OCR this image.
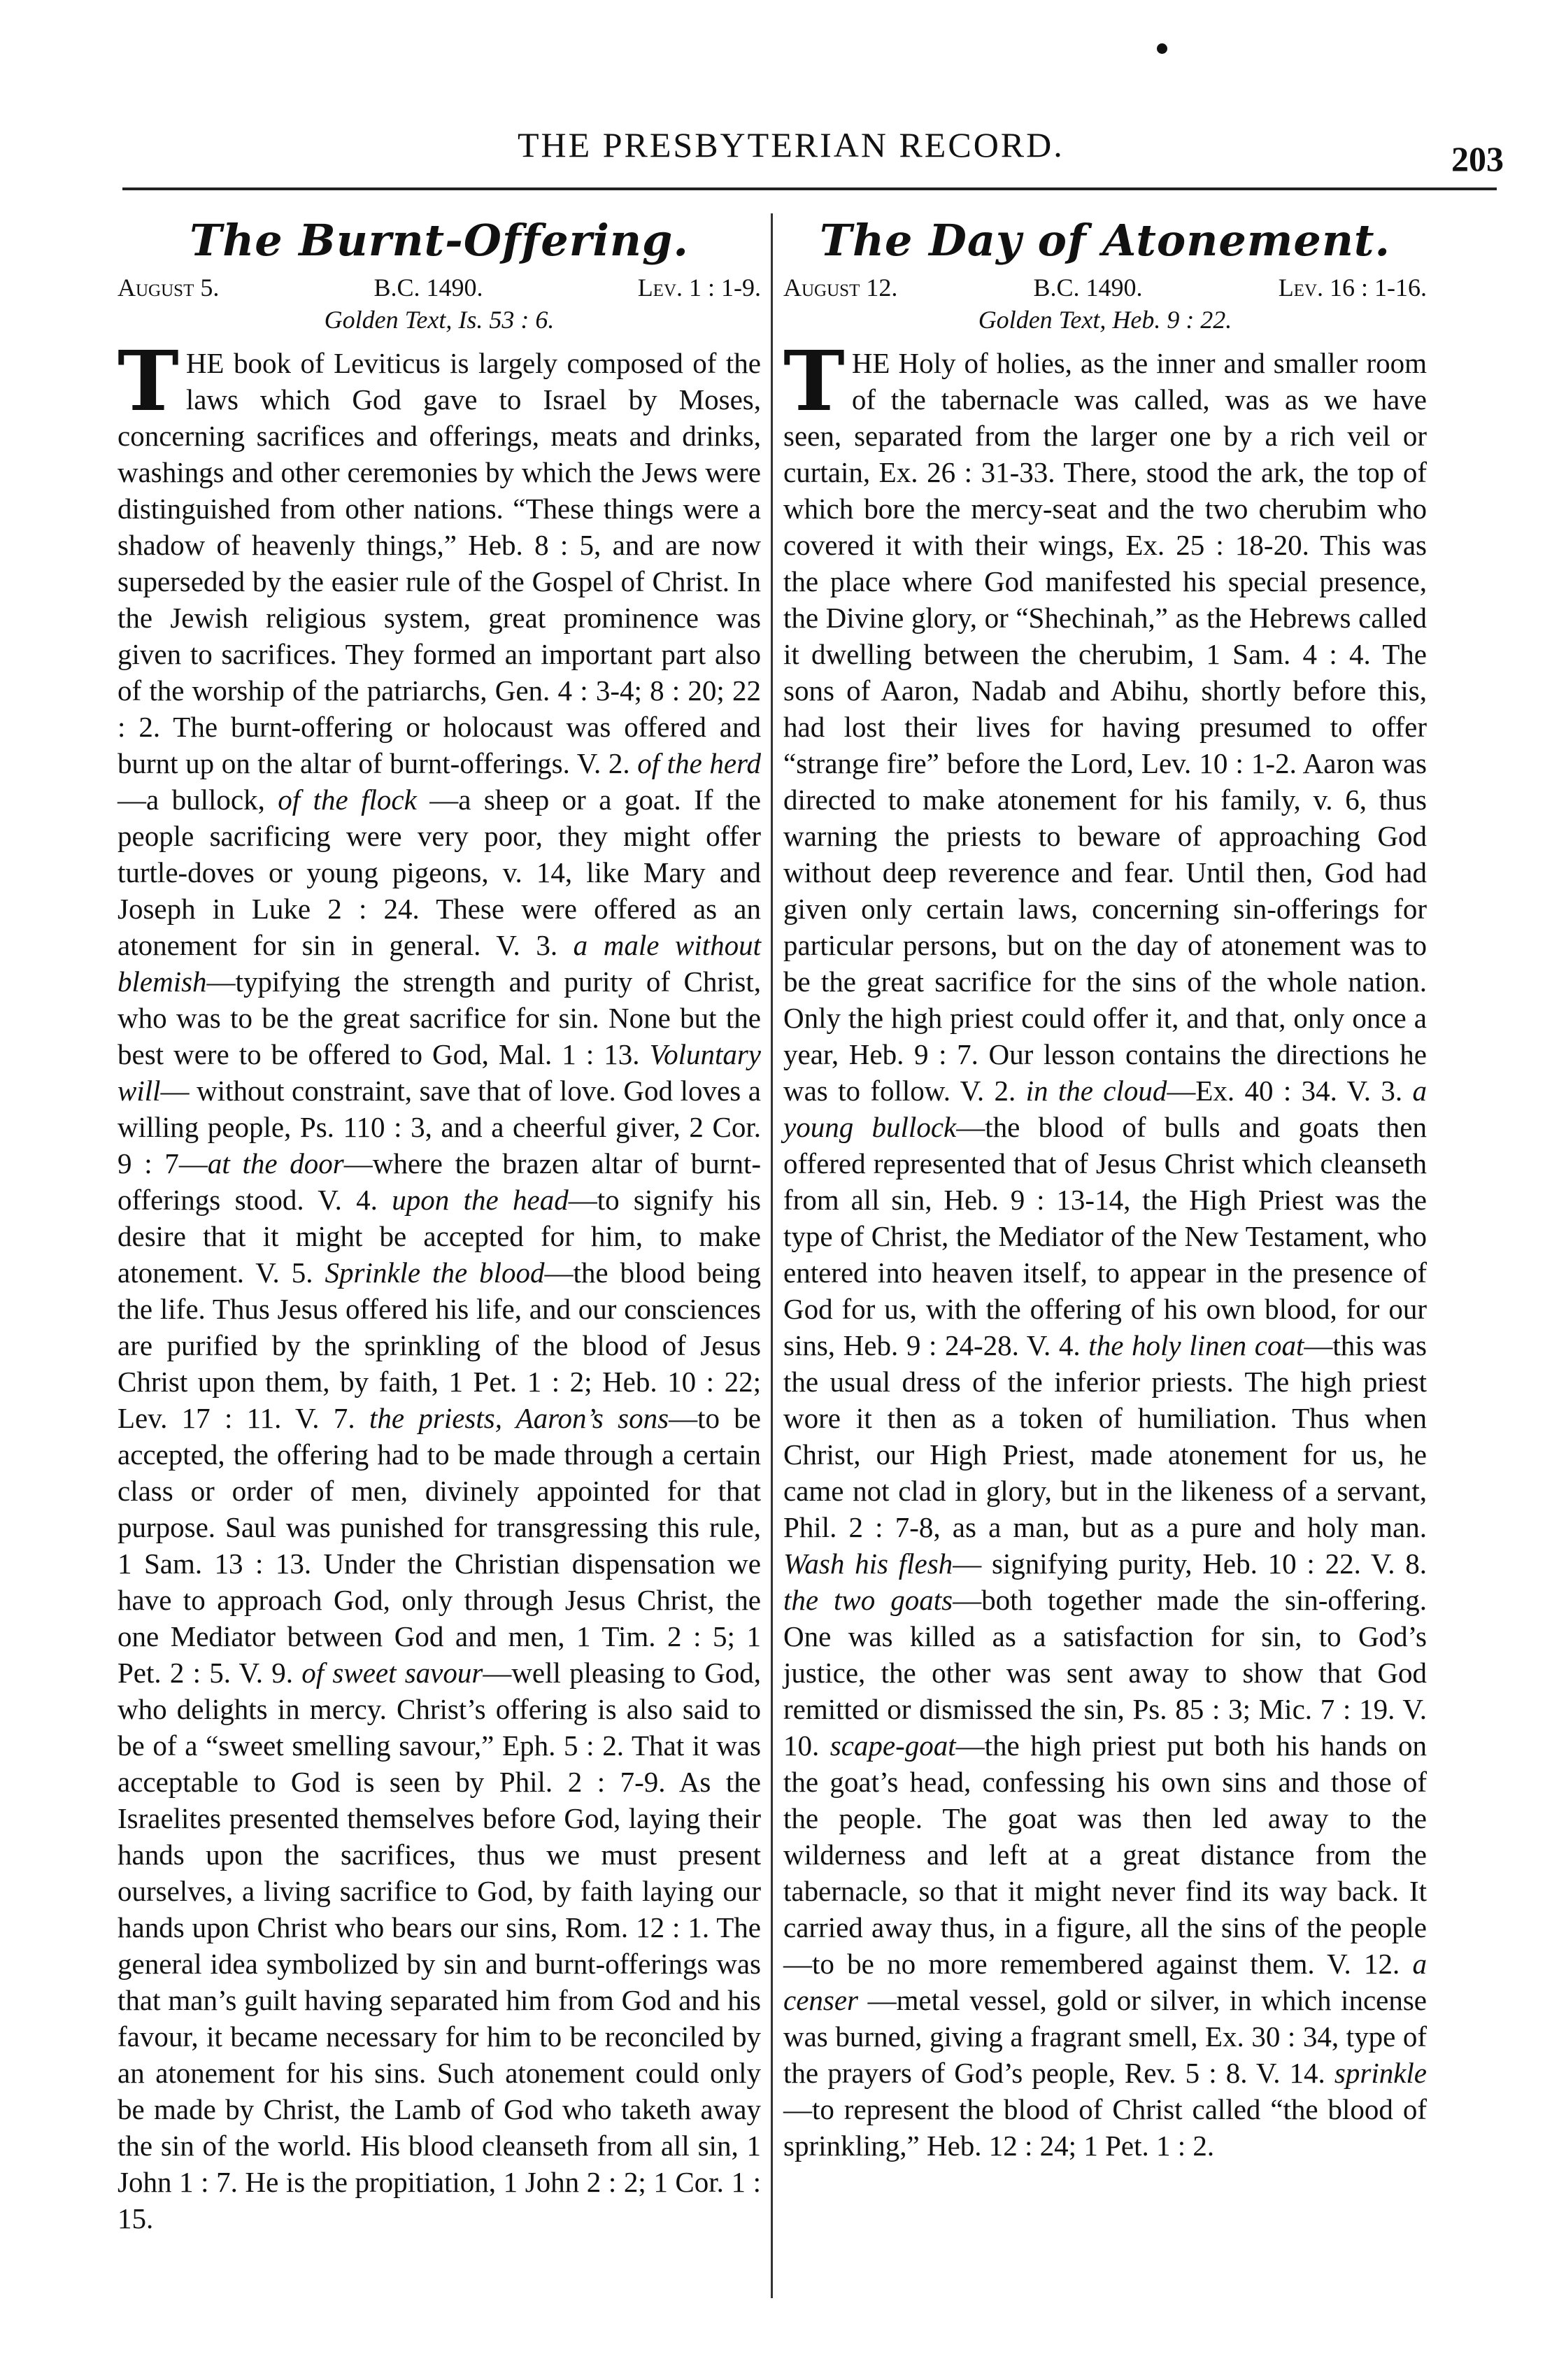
THE PRESBYTERIAN RECORD.	203
The Burnt-Offering.
August 5.	B.C. 1490.	Lev. 1 : 1-9.
Golden Text, Is. 53 : 6.
T HE book of Leviticus is largely composed of the laws which God gave to Israel by Moses, concerning sacrifices and offerings, meats and drinks, washings and other ceremonies by which the Jews were distinguished from other nations. “These things were a shadow of heavenly things,” Heb. 8 : 5, and are now superseded by the easier rule of the Gospel of Christ. In the Jewish religious system, great prominence was given to sacrifices. They formed an important part also of the worship of the patriarchs, Gen. 4 : 3-4; 8 : 20; 22 : 2. The burnt-offering or holocaust was offered and burnt up on the altar of burnt-offerings. V. 2. of the herd—a bullock, of the flock —a sheep or a goat. If the people sacrificing were very poor, they might offer turtle-doves or young pigeons, v. 14, like Mary and Joseph in Luke 2 : 24. These were offered as an atonement for sin in general. V. 3. a male without blemish—typifying the strength and purity of Christ, who was to be the great sacrifice for sin. None but the best were to be offered to God, Mal. 1 : 13. Voluntary will— without constraint, save that of love. God loves a willing people, Ps. 110 : 3, and a cheerful giver, 2 Cor. 9 : 7—at the door—where the brazen altar of burnt-offerings stood. V. 4. upon the head—to signify his desire that it might be accepted for him, to make atonement. V. 5. Sprinkle the blood—the blood being the life. Thus Jesus offered his life, and our consciences are purified by the sprinkling of the blood of Jesus Christ upon them, by faith, 1 Pet. 1 : 2; Heb. 10 : 22; Lev. 17 : 11. V. 7. the priests, Aaron’s sons—to be accepted, the offering had to be made through a certain class or order of men, divinely appointed for that purpose. Saul was punished for transgressing this rule, 1 Sam. 13 : 13. Under the Christian dispensation we have to approach God, only through Jesus Christ, the one Mediator between God and men, 1 Tim. 2 : 5; 1 Pet. 2 : 5. V. 9. of sweet savour—well pleasing to God, who delights in mercy. Christ’s offering is also said to be of a “sweet smelling savour,” Eph. 5 : 2. That it was acceptable to God is seen by Phil. 2 : 7-9. As the Israelites presented themselves before God, laying their hands upon the sacrifices, thus we must present ourselves, a living sacrifice to God, by faith laying our hands upon Christ who bears our sins, Rom. 12 : 1. The general idea symbolized by sin and burnt-offerings was that man’s guilt having separated him from God and his favour, it became necessary for him to be reconciled by an atonement for his sins. Such atonement could only be made by Christ, the Lamb of God who taketh away the sin of the world. His blood cleanseth from all sin, 1 John 1 : 7. He is the propitiation, 1 John 2 : 2; 1 Cor. 1 : 15.
The Day of Atonement.
August 12.	B.C. 1490.	Lev. 16 : 1-16.
Golden Text, Heb. 9 : 22.
T HE Holy of holies, as the inner and smaller room of the tabernacle was called, was as we have seen, separated from the larger one by a rich veil or curtain, Ex. 26 : 31-33. There, stood the ark, the top of which bore the mercy-seat and the two cherubim who covered it with their wings, Ex. 25 : 18-20. This was the place where God manifested his special presence, the Divine glory, or “Shechinah,” as the Hebrews called it dwelling between the cherubim, 1 Sam. 4 : 4. The sons of Aaron, Nadab and Abihu, shortly before this, had lost their lives for having presumed to offer “strange fire” before the Lord, Lev. 10 : 1-2. Aaron was directed to make atonement for his family, v. 6, thus warning the priests to beware of approaching God without deep reverence and fear. Until then, God had given only certain laws, concerning sin-offerings for particular persons, but on the day of atonement was to be the great sacrifice for the sins of the whole nation. Only the high priest could offer it, and that, only once a year, Heb. 9 : 7. Our lesson contains the directions he was to follow. V. 2. in the cloud—Ex. 40 : 34. V. 3. a young bullock—the blood of bulls and goats then offered represented that of Jesus Christ which cleanseth from all sin, Heb. 9 : 13-14, the High Priest was the type of Christ, the Mediator of the New Testament, who entered into heaven itself, to appear in the presence of God for us, with the offering of his own blood, for our sins, Heb. 9 : 24-28. V. 4. the holy linen coat—this was the usual dress of the inferior priests. The high priest wore it then as a token of humiliation. Thus when Christ, our High Priest, made atonement for us, he came not clad in glory, but in the likeness of a servant, Phil. 2 : 7-8, as a man, but as a pure and holy man. Wash his flesh— signifying purity, Heb. 10 : 22. V. 8. the two goats—both together made the sin-offering. One was killed as a satisfaction for sin, to God’s justice, the other was sent away to show that God remitted or dismissed the sin, Ps. 85 : 3; Mic. 7 : 19. V. 10. scape-goat—the high priest put both his hands on the goat’s head, confessing his own sins and those of the people. The goat was then led away to the wilderness and left at a great distance from the tabernacle, so that it might never find its way back. It carried away thus, in a figure, all the sins of the people—to be no more remembered against them. V. 12. a censer —metal vessel, gold or silver, in which incense was burned, giving a fragrant smell, Ex. 30 : 34, type of the prayers of God’s people, Rev. 5 : 8. V. 14. sprinkle—to represent the blood of Christ called “the blood of sprinkling,” Heb. 12 : 24; 1 Pet. 1 : 2.
